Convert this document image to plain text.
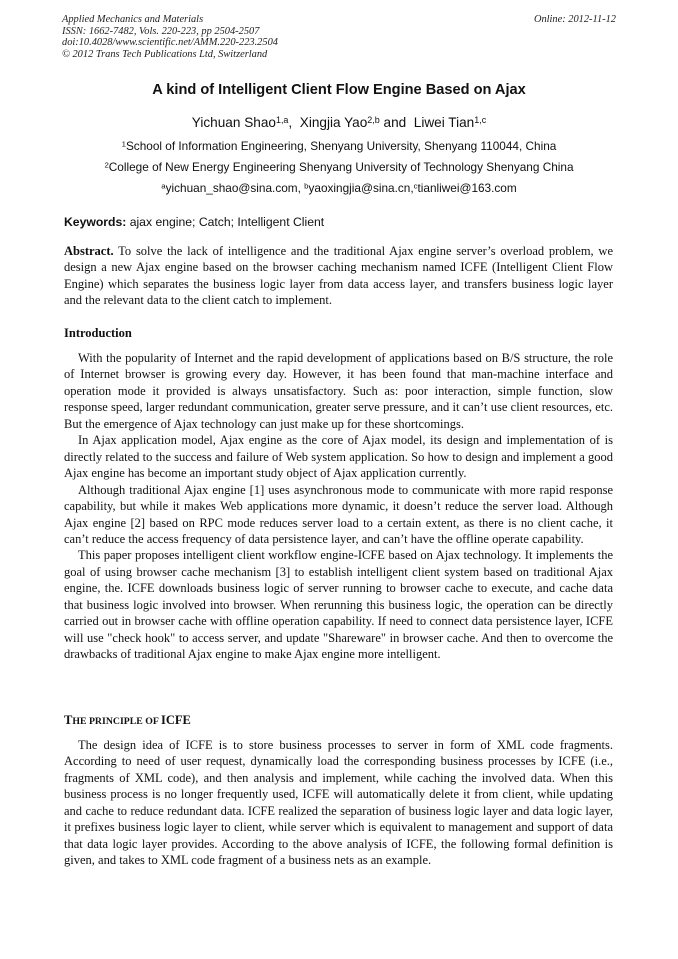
Applied Mechanics and Materials
ISSN: 1662-7482, Vols. 220-223, pp 2504-2507
doi:10.4028/www.scientific.net/AMM.220-223.2504
© 2012 Trans Tech Publications Ltd, Switzerland
Online: 2012-11-12
A kind of Intelligent Client Flow Engine Based on Ajax
Yichuan Shao$^{1,a}$,  Xingjia Yao$^{2,b}$ and  Liwei Tian$^{1,c}$
$^1$School of Information Engineering, Shenyang University, Shenyang 110044, China
$^2$College of New Energy Engineering Shenyang University of Technology Shenyang China
$^a$yichuan_shao@sina.com, $^b$yaoxingjia@sina.cn,$^c$tianliwei@163.com
Keywords: ajax engine; Catch; Intelligent Client

Abstract. To solve the lack of intelligence and the traditional Ajax engine server’s overload problem, we design a new Ajax engine based on the browser caching mechanism named ICFE (Intelligent Client Flow Engine) which separates the business logic layer from data access layer, and transfers business logic layer and the relevant data to the client catch to implement.

Introduction

With the popularity of Internet and the rapid development of applications based on B/S structure, the role of Internet browser is growing every day. However, it has been found that man-machine interface and operation mode it provided is always unsatisfactory. Such as: poor interaction, simple function, slow response speed, larger redundant communication, greater serve pressure, and it can’t use client resources, etc. But the emergence of Ajax technology can just make up for these shortcomings.

In Ajax application model, Ajax engine as the core of Ajax model, its design and implementation of is directly related to the success and failure of Web system application. So how to design and implement a good Ajax engine has become an important study object of Ajax application currently.

Although traditional Ajax engine [1] uses asynchronous mode to communicate with more rapid response capability, but while it makes Web applications more dynamic, it doesn’t reduce the server load. Although Ajax engine [2] based on RPC mode reduces server load to a certain extent, as there is no client cache, it can’t reduce the access frequency of data persistence layer, and can’t have the offline operate capability.

This paper proposes intelligent client workflow engine-ICFE based on Ajax technology. It implements the goal of using browser cache mechanism [3] to establish intelligent client system based on traditional Ajax engine, the. ICFE downloads business logic of server running to browser cache to execute, and cache data that business logic involved into browser. When rerunning this business logic, the operation can be directly carried out in browser cache with offline operation capability. If need to connect data persistence layer, ICFE will use "check hook" to access server, and update "Shareware" in browser cache. And then to overcome the drawbacks of traditional Ajax engine to make Ajax engine more intelligent.

THE PRINCIPLE OF ICFE

The design idea of ICFE is to store business processes to server in form of XML code fragments. According to need of user request, dynamically load the corresponding business processes by ICFE (i.e., fragments of XML code), and then analysis and implement, while caching the involved data. When this business process is no longer frequently used, ICFE will automatically delete it from client, while updating and cache to reduce redundant data. ICFE realized the separation of business logic layer and data logic layer, it prefixes business logic layer to client, while server which is equivalent to management and support of data that data logic layer provides. According to the above analysis of ICFE, the following formal definition is given, and takes to XML code fragment of a business nets as an example.
